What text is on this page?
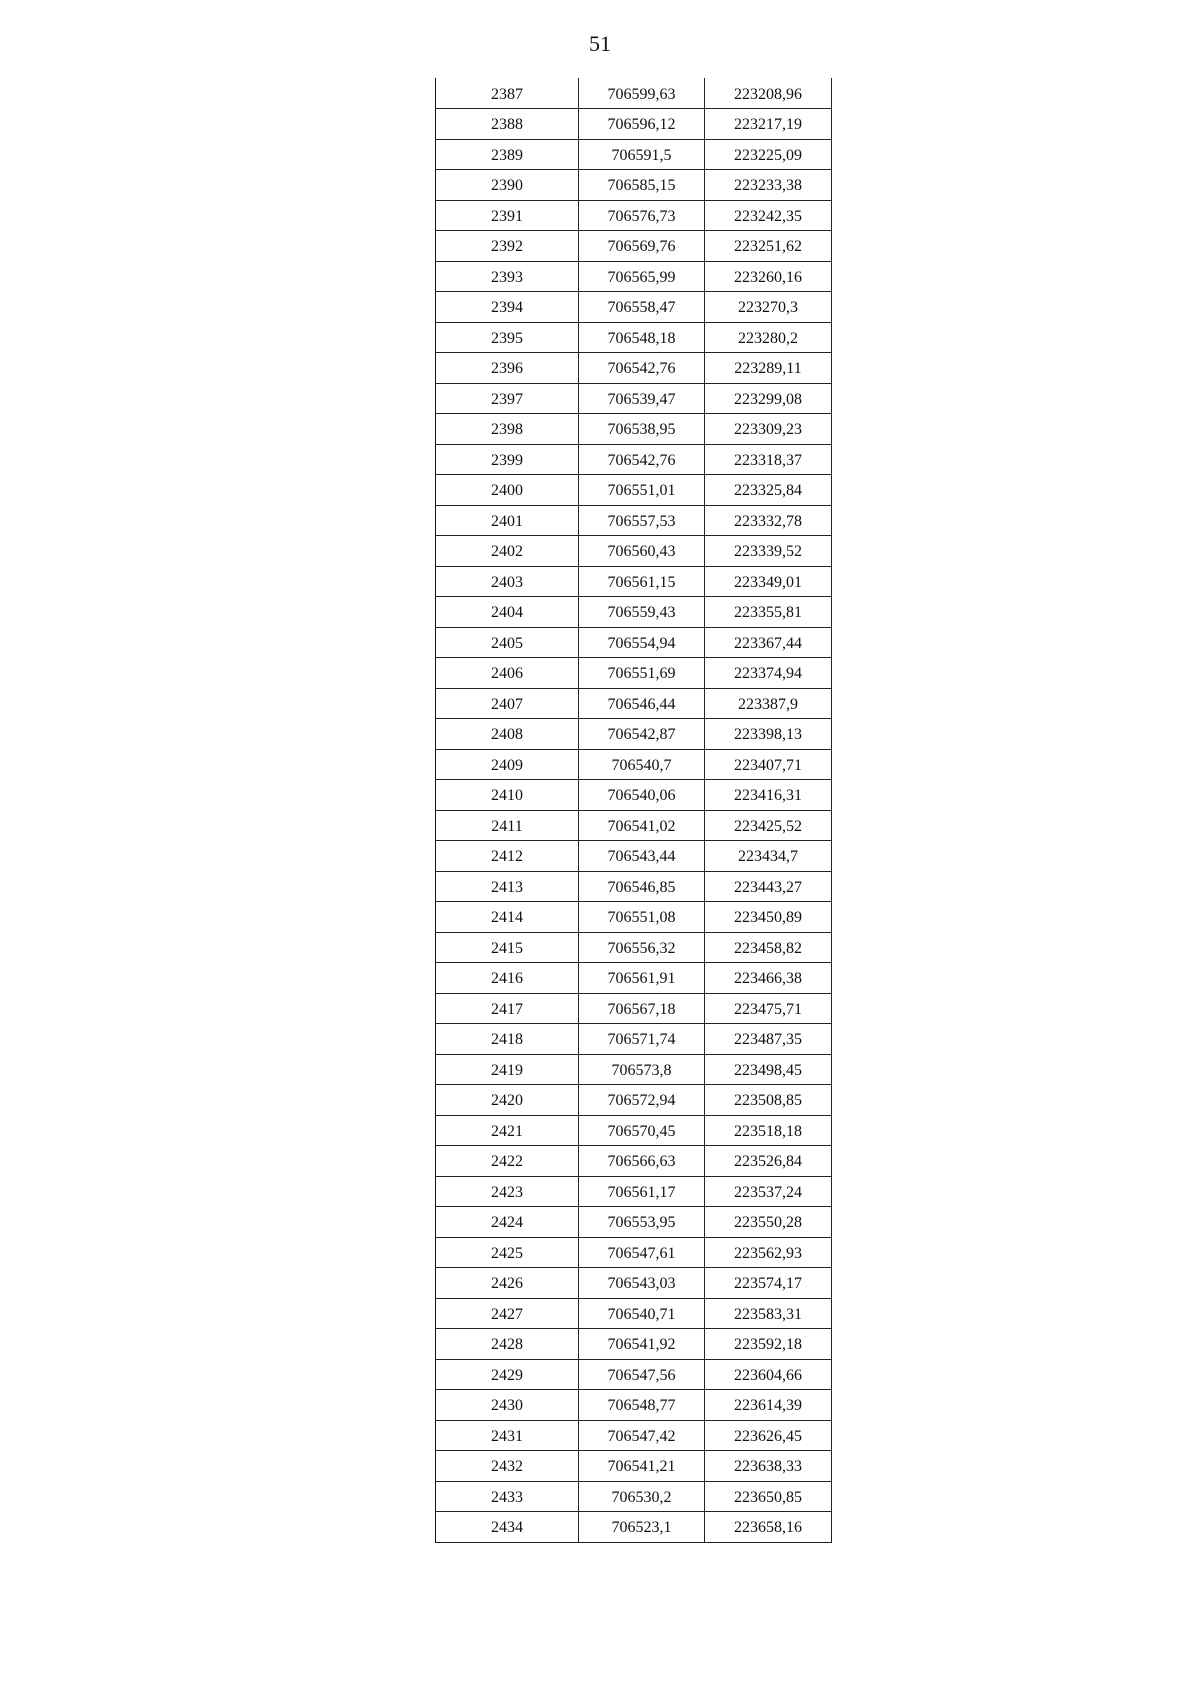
51
2387	706599,63	223208,96
2388	706596,12	223217,19
2389	706591,5	223225,09
2390	706585,15	223233,38
2391	706576,73	223242,35
2392	706569,76	223251,62
2393	706565,99	223260,16
2394	706558,47	223270,3
2395	706548,18	223280,2
2396	706542,76	223289,11
2397	706539,47	223299,08
2398	706538,95	223309,23
2399	706542,76	223318,37
2400	706551,01	223325,84
2401	706557,53	223332,78
2402	706560,43	223339,52
2403	706561,15	223349,01
2404	706559,43	223355,81
2405	706554,94	223367,44
2406	706551,69	223374,94
2407	706546,44	223387,9
2408	706542,87	223398,13
2409	706540,7	223407,71
2410	706540,06	223416,31
2411	706541,02	223425,52
2412	706543,44	223434,7
2413	706546,85	223443,27
2414	706551,08	223450,89
2415	706556,32	223458,82
2416	706561,91	223466,38
2417	706567,18	223475,71
2418	706571,74	223487,35
2419	706573,8	223498,45
2420	706572,94	223508,85
2421	706570,45	223518,18
2422	706566,63	223526,84
2423	706561,17	223537,24
2424	706553,95	223550,28
2425	706547,61	223562,93
2426	706543,03	223574,17
2427	706540,71	223583,31
2428	706541,92	223592,18
2429	706547,56	223604,66
2430	706548,77	223614,39
2431	706547,42	223626,45
2432	706541,21	223638,33
2433	706530,2	223650,85
2434	706523,1	223658,16
